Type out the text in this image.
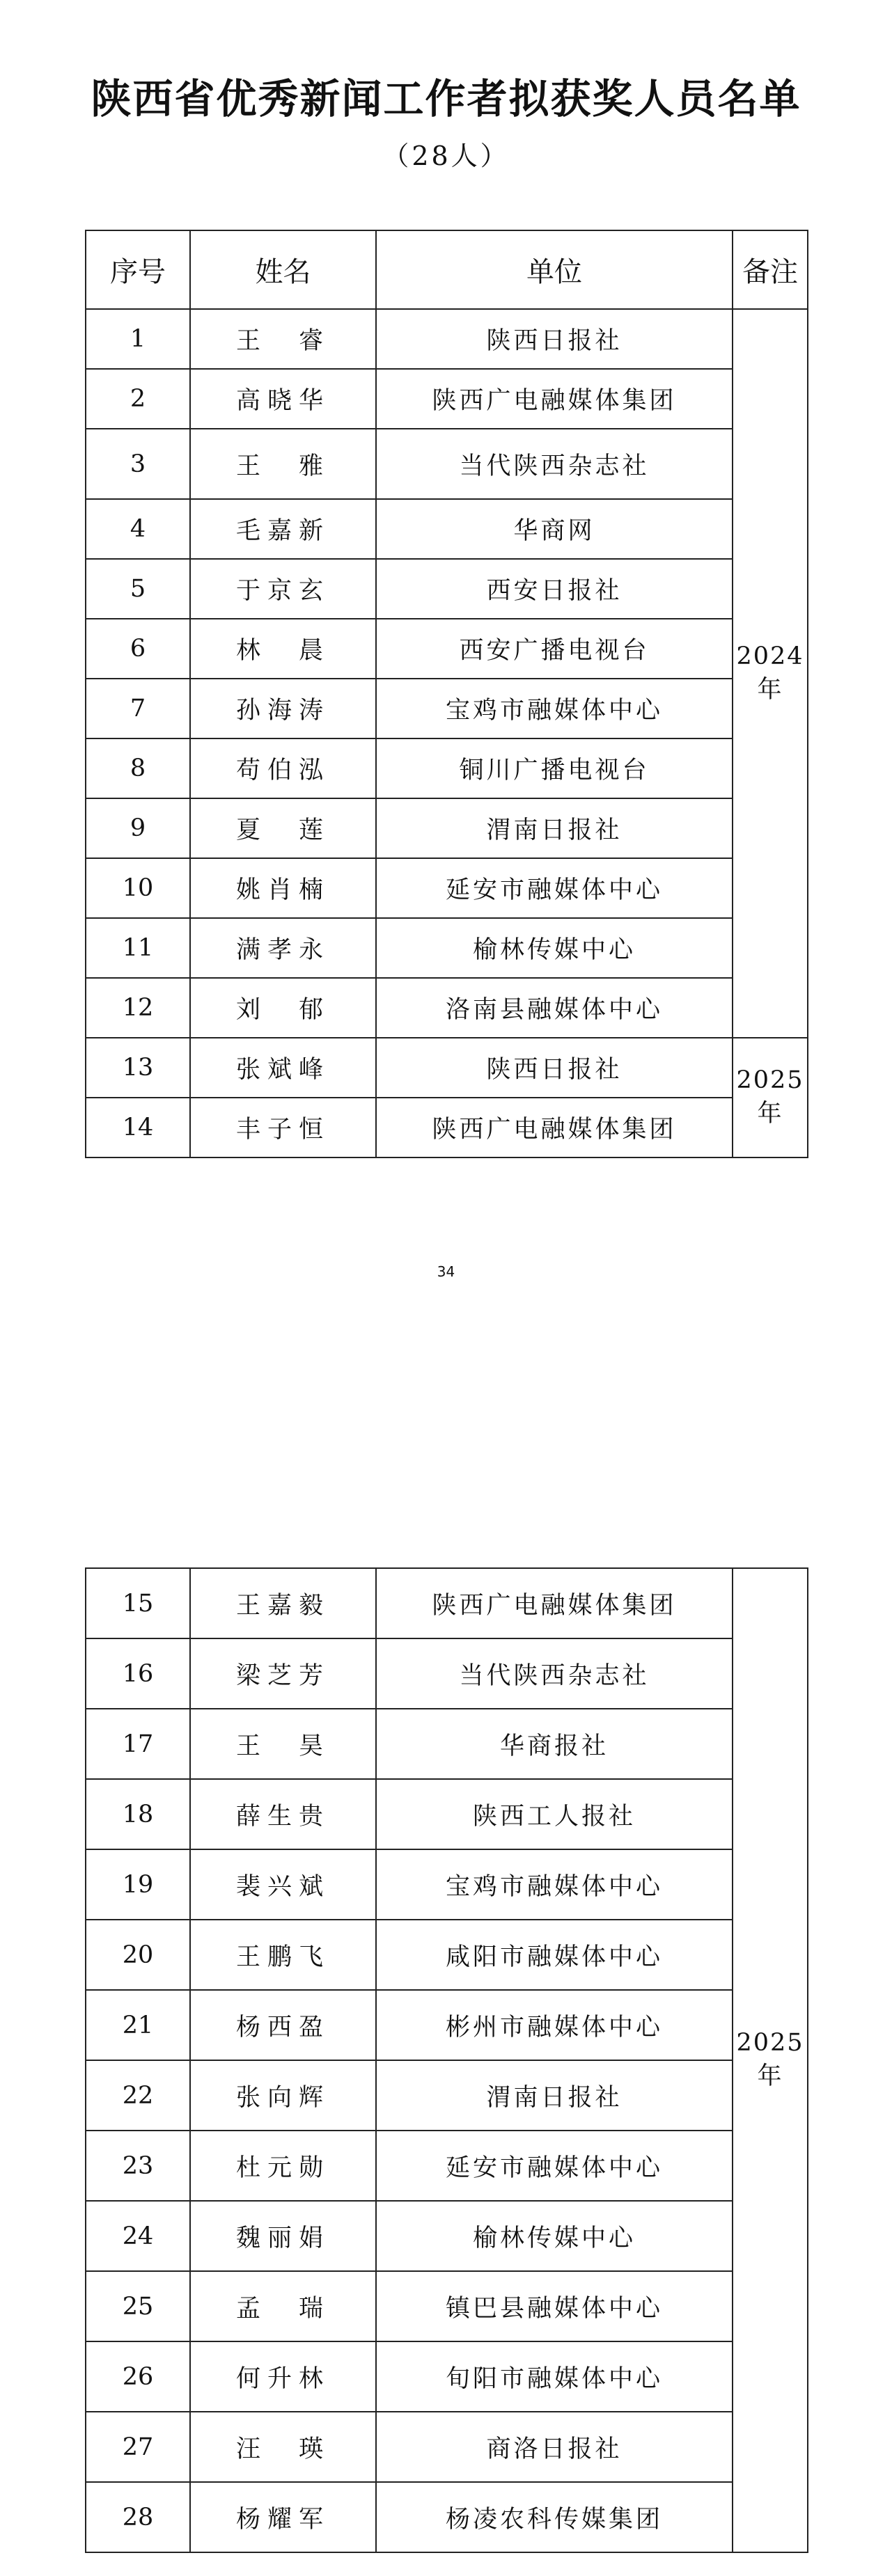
陕西省优秀新闻工作者拟获奖人员名单
（28人）
序号	姓名	单位	备注
1	王　睿	陕西日报社	2024 年
2	高晓华	陕西广电融媒体集团	
3	王　雅	当代陕西杂志社	
4	毛嘉新	华商网	
5	于京玄	西安日报社	
6	林　晨	西安广播电视台	
7	孙海涛	宝鸡市融媒体中心	
8	苟伯泓	铜川广播电视台	
9	夏　莲	渭南日报社	
10	姚肖楠	延安市融媒体中心	
11	满孝永	榆林传媒中心	
12	刘　郁	洛南县融媒体中心	
13	张斌峰	陕西日报社	2025 年
14	丰子恒	陕西广电融媒体集团	
34
15	王嘉毅	陕西广电融媒体集团	2025 年
16	梁芝芳	当代陕西杂志社	
17	王　昊	华商报社	
18	薛生贵	陕西工人报社	
19	裴兴斌	宝鸡市融媒体中心	
20	王鹏飞	咸阳市融媒体中心	
21	杨西盈	彬州市融媒体中心	
22	张向辉	渭南日报社	
23	杜元勋	延安市融媒体中心	
24	魏丽娟	榆林传媒中心	
25	孟　瑞	镇巴县融媒体中心	
26	何升林	旬阳市融媒体中心	
27	汪　瑛	商洛日报社	
28	杨耀军	杨凌农科传媒集团	
